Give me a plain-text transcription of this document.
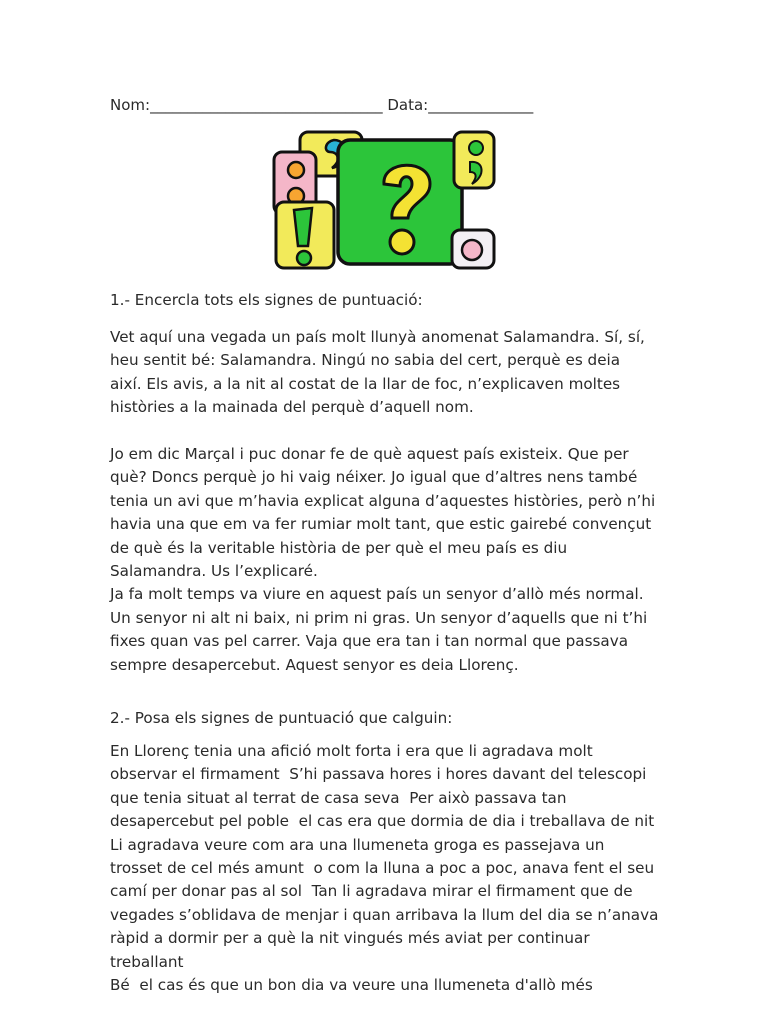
Nom:_______________________________ Data:______________

1.- Encercla tots els signes de puntuació:

Vet aquí una vegada un país molt llunyà anomenat Salamandra. Sí, sí,

heu sentit bé: Salamandra. Ningú no sabia del cert, perquè es deia

així. Els avis, a la nit al costat de la llar de foc, n’explicaven moltes

històries a la mainada del perquè d’aquell nom.

Jo em dic Marçal i puc donar fe de què aquest país existeix. Que per

què? Doncs perquè jo hi vaig néixer. Jo igual que d’altres nens també

tenia un avi que m’havia explicat alguna d’aquestes històries, però n’hi

havia una que em va fer rumiar molt tant, que estic gairebé convençut

de què és la veritable història de per què el meu país es diu

Salamandra. Us l’explicaré.

Ja fa molt temps va viure en aquest país un senyor d’allò més normal.

Un senyor ni alt ni baix, ni prim ni gras. Un senyor d’aquells que ni t’hi

fixes quan vas pel carrer. Vaja que era tan i tan normal que passava

sempre desapercebut. Aquest senyor es deia Llorenç.

2.- Posa els signes de puntuació que calguin:

En Llorenç tenia una afició molt forta i era que li agradava molt

observar el firmament  S’hi passava hores i hores davant del telescopi

que tenia situat al terrat de casa seva  Per això passava tan

desapercebut pel poble  el cas era que dormia de dia i treballava de nit

Li agradava veure com ara una llumeneta groga es passejava un

trosset de cel més amunt  o com la lluna a poc a poc, anava fent el seu

camí per donar pas al sol  Tan li agradava mirar el firmament que de

vegades s’oblidava de menjar i quan arribava la llum del dia se n’anava

ràpid a dormir per a què la nit vingués més aviat per continuar

treballant

Bé  el cas és que un bon dia va veure una llumeneta d'allò més
